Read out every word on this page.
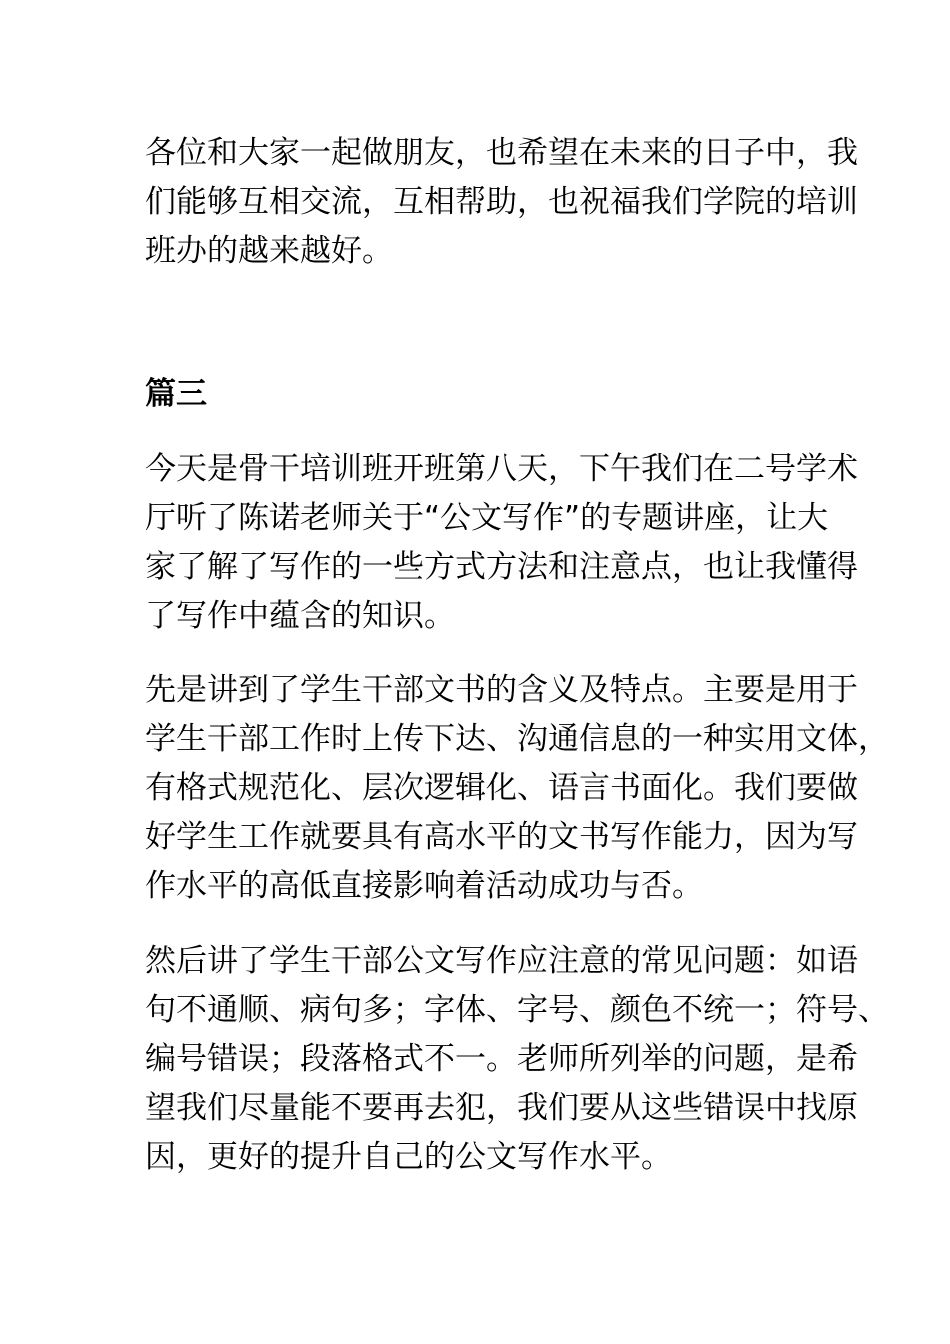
各位和大家一起做朋友，也希望在未来的日子中，我
们能够互相交流，互相帮助，也祝福我们学院的培训
班办的越来越好。

篇三

今天是骨干培训班开班第八天，下午我们在二号学术
厅听了陈诺老师关于“公文写作”的专题讲座，让大
家了解了写作的一些方式方法和注意点，也让我懂得
了写作中蕴含的知识。

先是讲到了学生干部文书的含义及特点。主要是用于
学生干部工作时上传下达、沟通信息的一种实用文体，
有格式规范化、层次逻辑化、语言书面化。我们要做
好学生工作就要具有高水平的文书写作能力，因为写
作水平的高低直接影响着活动成功与否。

然后讲了学生干部公文写作应注意的常见问题：如语
句不通顺、病句多；字体、字号、颜色不统一；符号、
编号错误；段落格式不一。老师所列举的问题，是希
望我们尽量能不要再去犯，我们要从这些错误中找原
因，更好的提升自己的公文写作水平。
